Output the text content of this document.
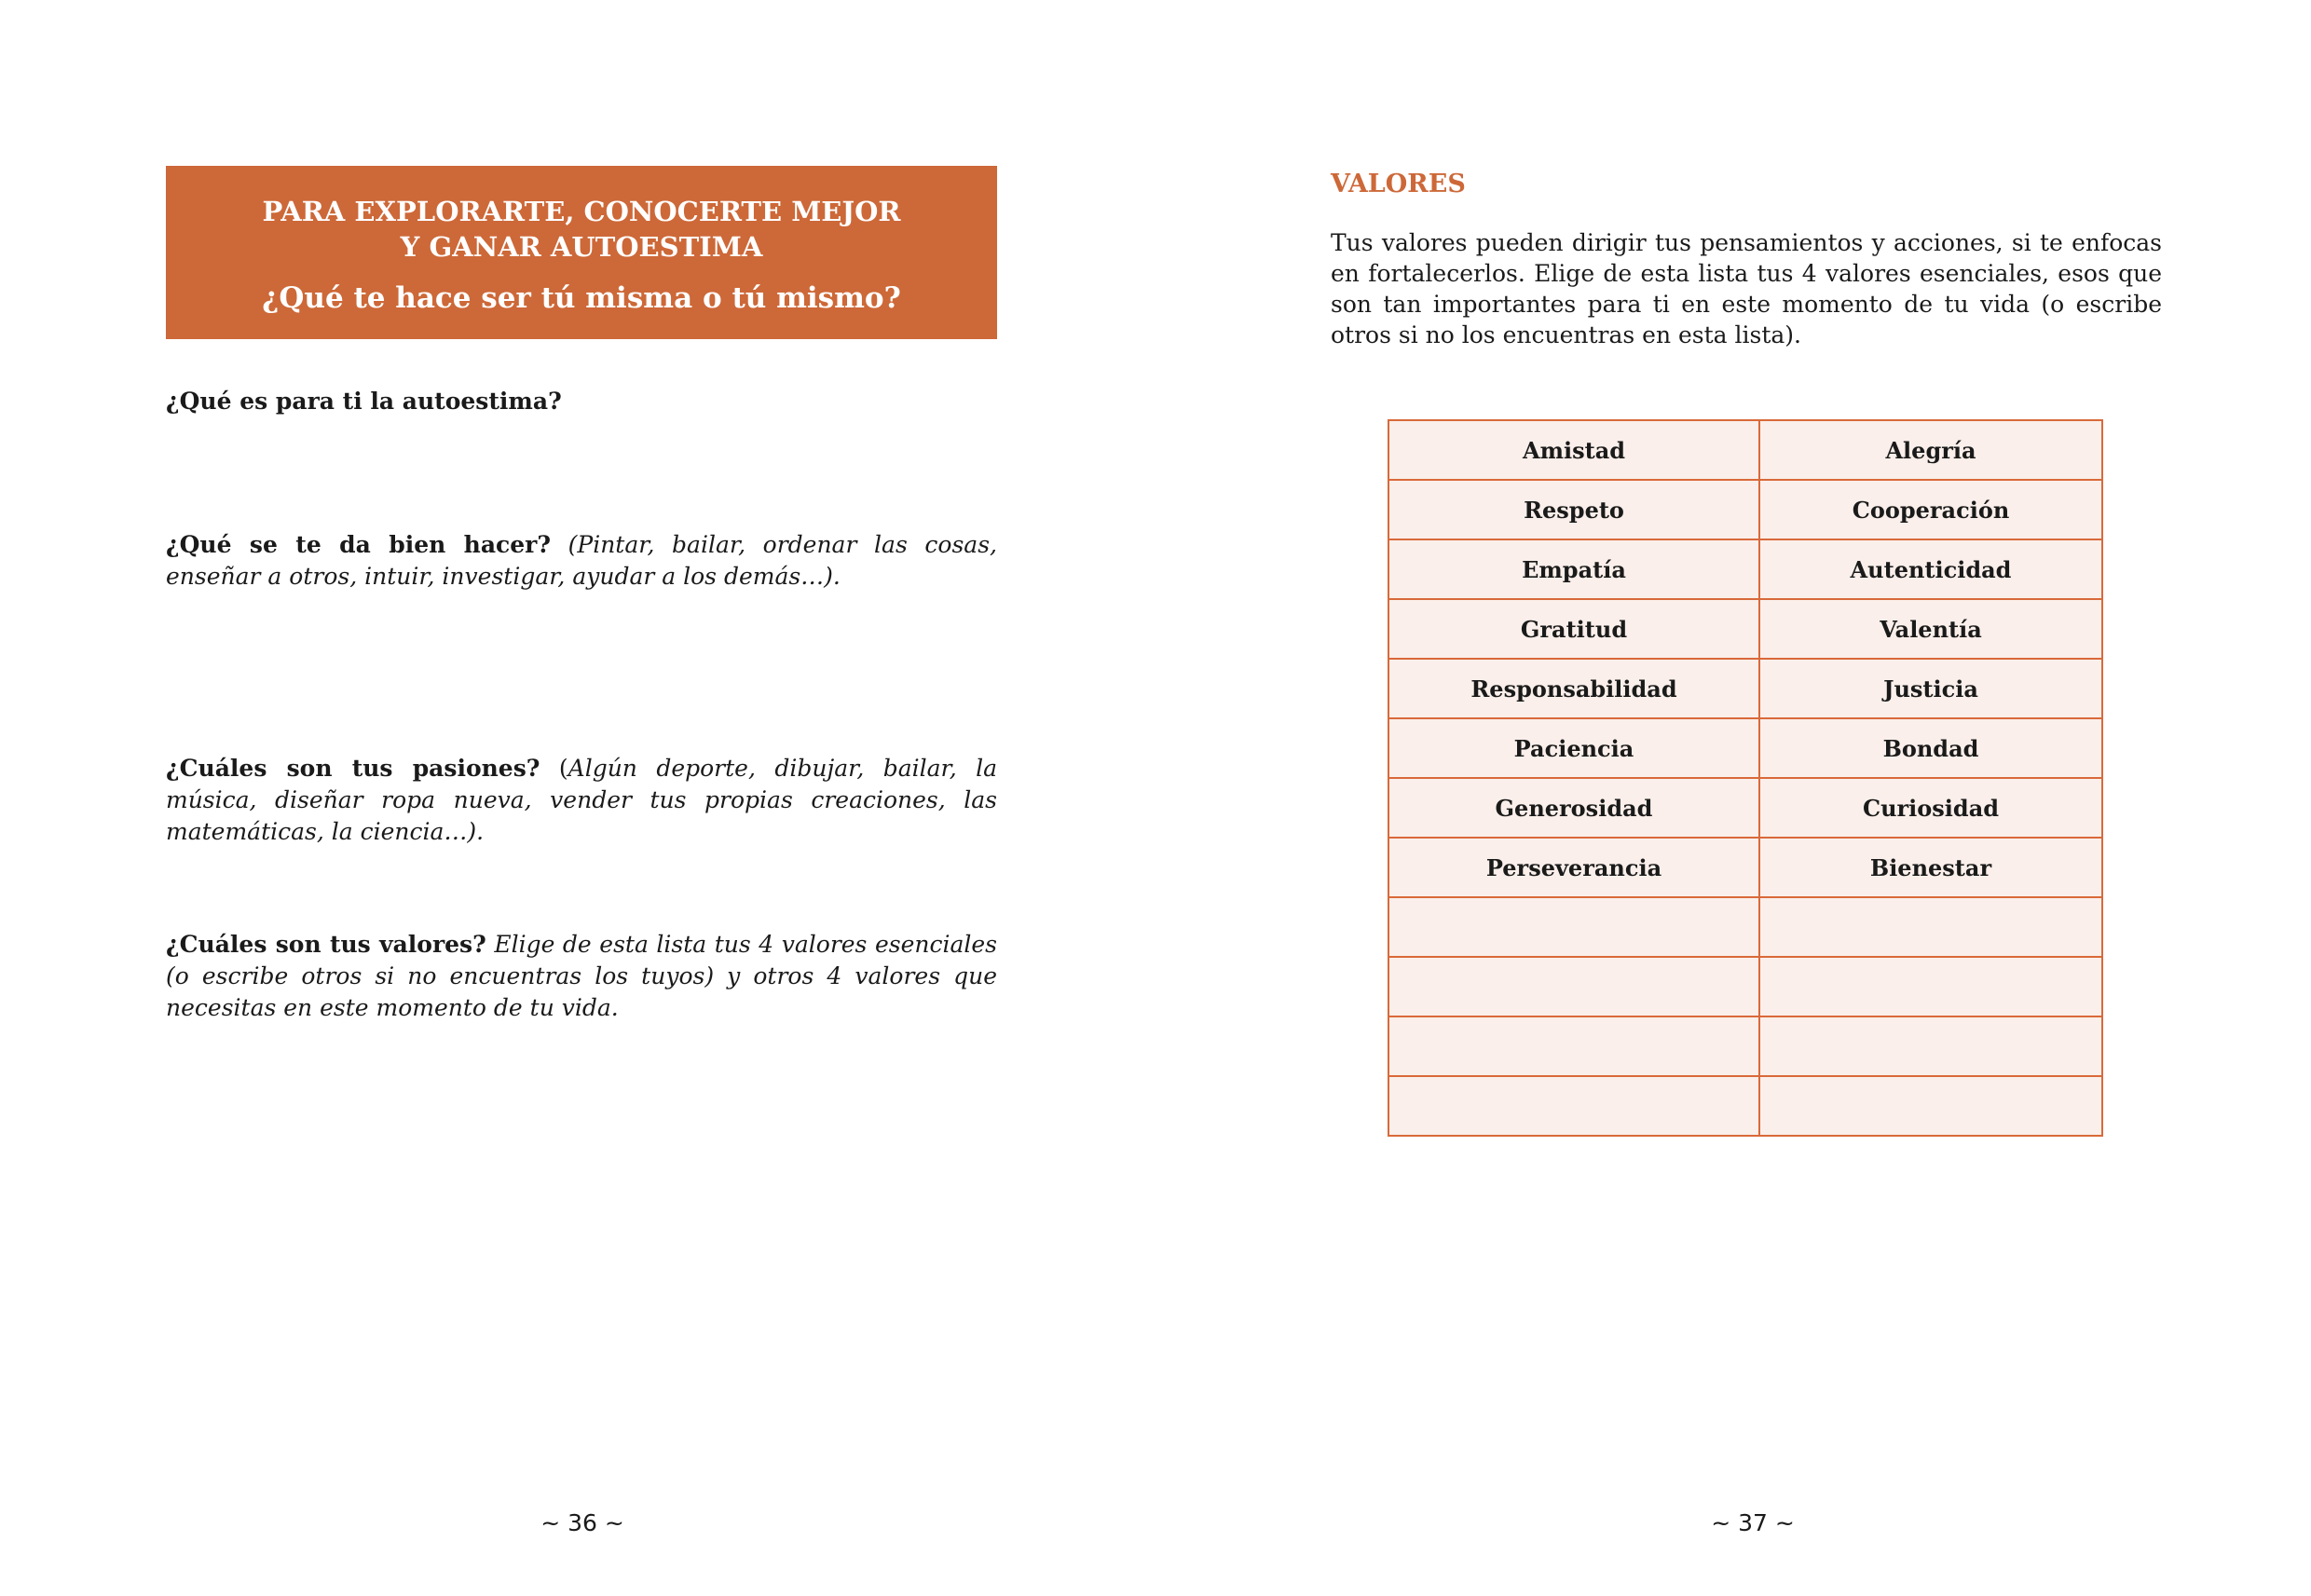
PARA EXPLORARTE, CONOCERTE MEJOR
Y GANAR AUTOESTIMA
¿Qué te hace ser tú misma o tú mismo?
¿Qué es para ti la autoestima?
¿Qué se te da bien hacer? (Pintar, bailar, ordenar las cosas, enseñar a otros, intuir, investigar, ayudar a los demás…).
¿Cuáles son tus pasiones? (Algún deporte, dibujar, bailar, la música, diseñar ropa nueva, vender tus propias creaciones, las matemáticas, la ciencia…).
¿Cuáles son tus valores? Elige de esta lista tus 4 valores esenciales (o escribe otros si no encuentras los tuyos) y otros 4 valores que necesitas en este momento de tu vida.
~ 36 ~
VALORES
Tus valores pueden dirigir tus pensamientos y acciones, si te enfocas en fortalecerlos. Elige de esta lista tus 4 valores esenciales, esos que son tan importantes para ti en este momento de tu vida (o escribe otros si no los encuentras en esta lista).
Amistad	Alegría
Respeto	Cooperación
Empatía	Autenticidad
Gratitud	Valentía
Responsabilidad	Justicia
Paciencia	Bondad
Generosidad	Curiosidad
Perseverancia	Bienestar

~ 37 ~
